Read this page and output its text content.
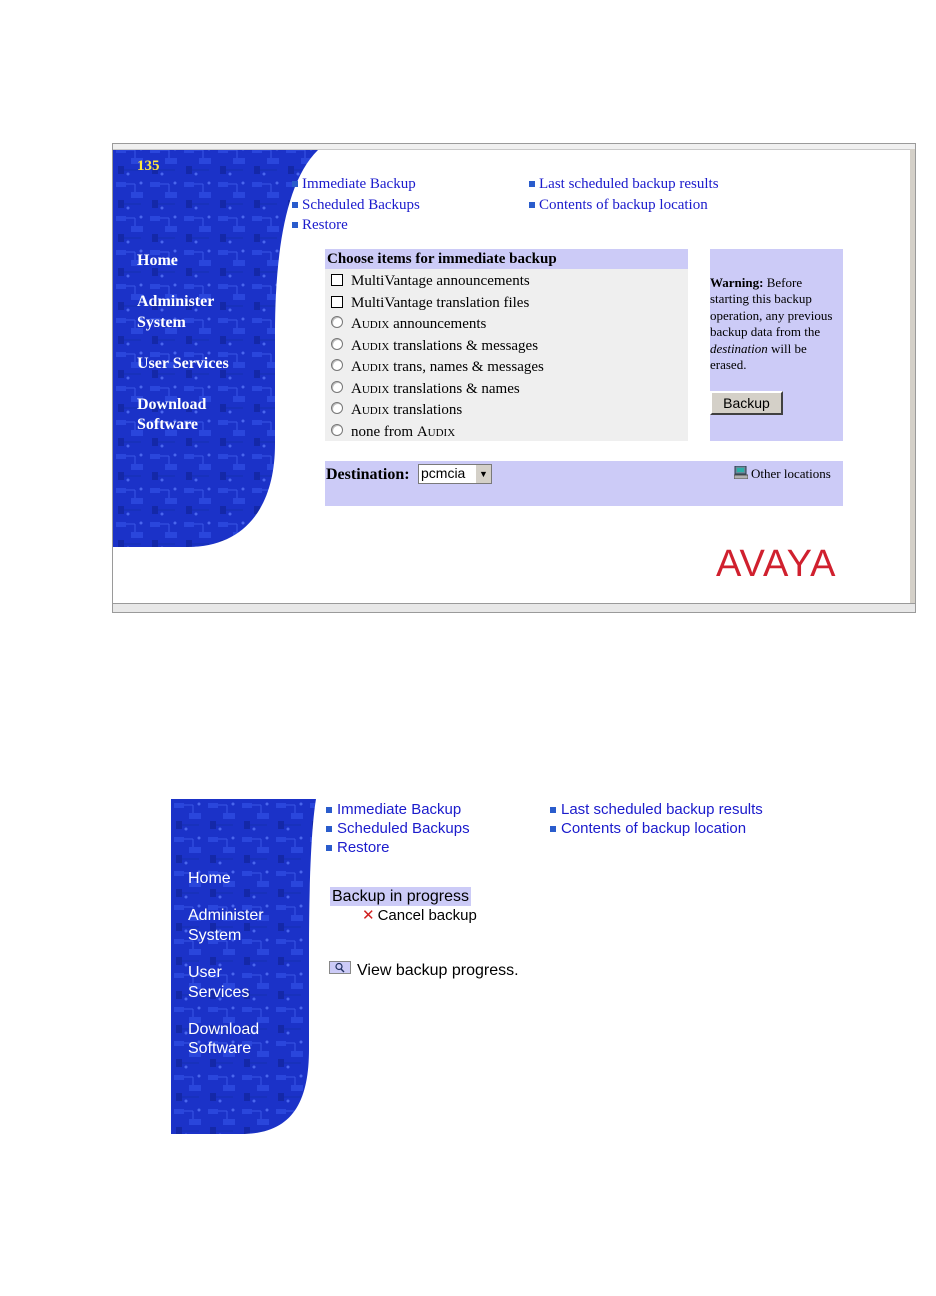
135
Home
Administer
System
User Services
Download
Software
Immediate Backup
Scheduled Backups
Restore
Last scheduled backup results
Contents of backup location
Choose items for immediate backup
MultiVantage announcements
MultiVantage translation files
Audix announcements
Audix translations & messages
Audix trans, names & messages
Audix translations & names
Audix translations
none from Audix
Warning: Before starting this backup operation, any previous backup data from the destination will be erased.
Backup
Destination: pcmcia	▼	Other locations
AVAYA
Home
Administer
System
User
Services
Download
Software
Immediate Backup
Scheduled Backups
Restore
Last scheduled backup results
Contents of backup location
Backup in progress
✕ Cancel backup
View backup progress.
